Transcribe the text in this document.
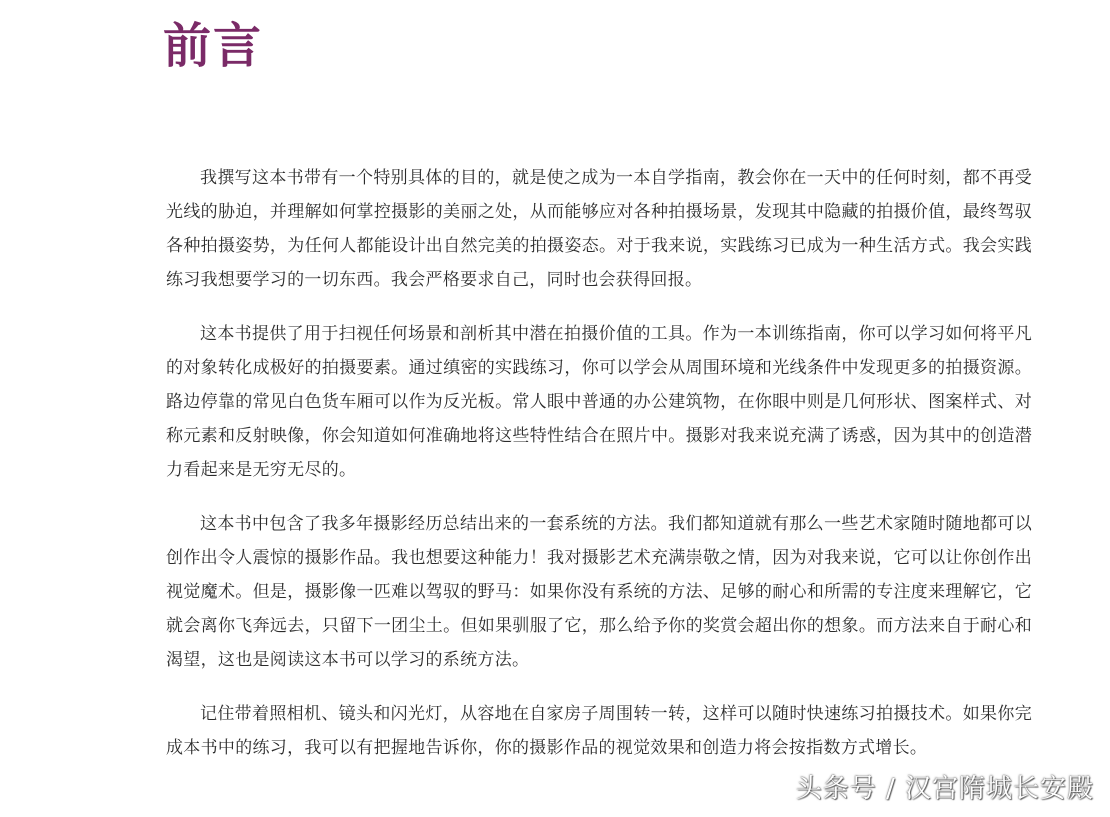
前言

我撰写这本书带有一个特别具体的目的，就是使之成为一本自学指南，教会你在一天中的任何时刻，都不再受光线的胁迫，并理解如何掌控摄影的美丽之处，从而能够应对各种拍摄场景，发现其中隐藏的拍摄价值，最终驾驭各种拍摄姿势，为任何人都能设计出自然完美的拍摄姿态。对于我来说，实践练习已成为一种生活方式。我会实践练习我想要学习的一切东西。我会严格要求自己，同时也会获得回报。

这本书提供了用于扫视任何场景和剖析其中潜在拍摄价值的工具。作为一本训练指南，你可以学习如何将平凡的对象转化成极好的拍摄要素。通过缜密的实践练习，你可以学会从周围环境和光线条件中发现更多的拍摄资源。路边停靠的常见白色货车厢可以作为反光板。常人眼中普通的办公建筑物，在你眼中则是几何形状、图案样式、对称元素和反射映像，你会知道如何准确地将这些特性结合在照片中。摄影对我来说充满了诱惑，因为其中的创造潜力看起来是无穷无尽的。

这本书中包含了我多年摄影经历总结出来的一套系统的方法。我们都知道就有那么一些艺术家随时随地都可以创作出令人震惊的摄影作品。我也想要这种能力！我对摄影艺术充满崇敬之情，因为对我来说，它可以让你创作出视觉魔术。但是，摄影像一匹难以驾驭的野马：如果你没有系统的方法、足够的耐心和所需的专注度来理解它，它就会离你飞奔远去，只留下一团尘土。但如果驯服了它，那么给予你的奖赏会超出你的想象。而方法来自于耐心和渴望，这也是阅读这本书可以学习的系统方法。

记住带着照相机、镜头和闪光灯，从容地在自家房子周围转一转，这样可以随时快速练习拍摄技术。如果你完成本书中的练习，我可以有把握地告诉你，你的摄影作品的视觉效果和创造力将会按指数方式增长。

头条号 / 汉宫隋城长安殿
